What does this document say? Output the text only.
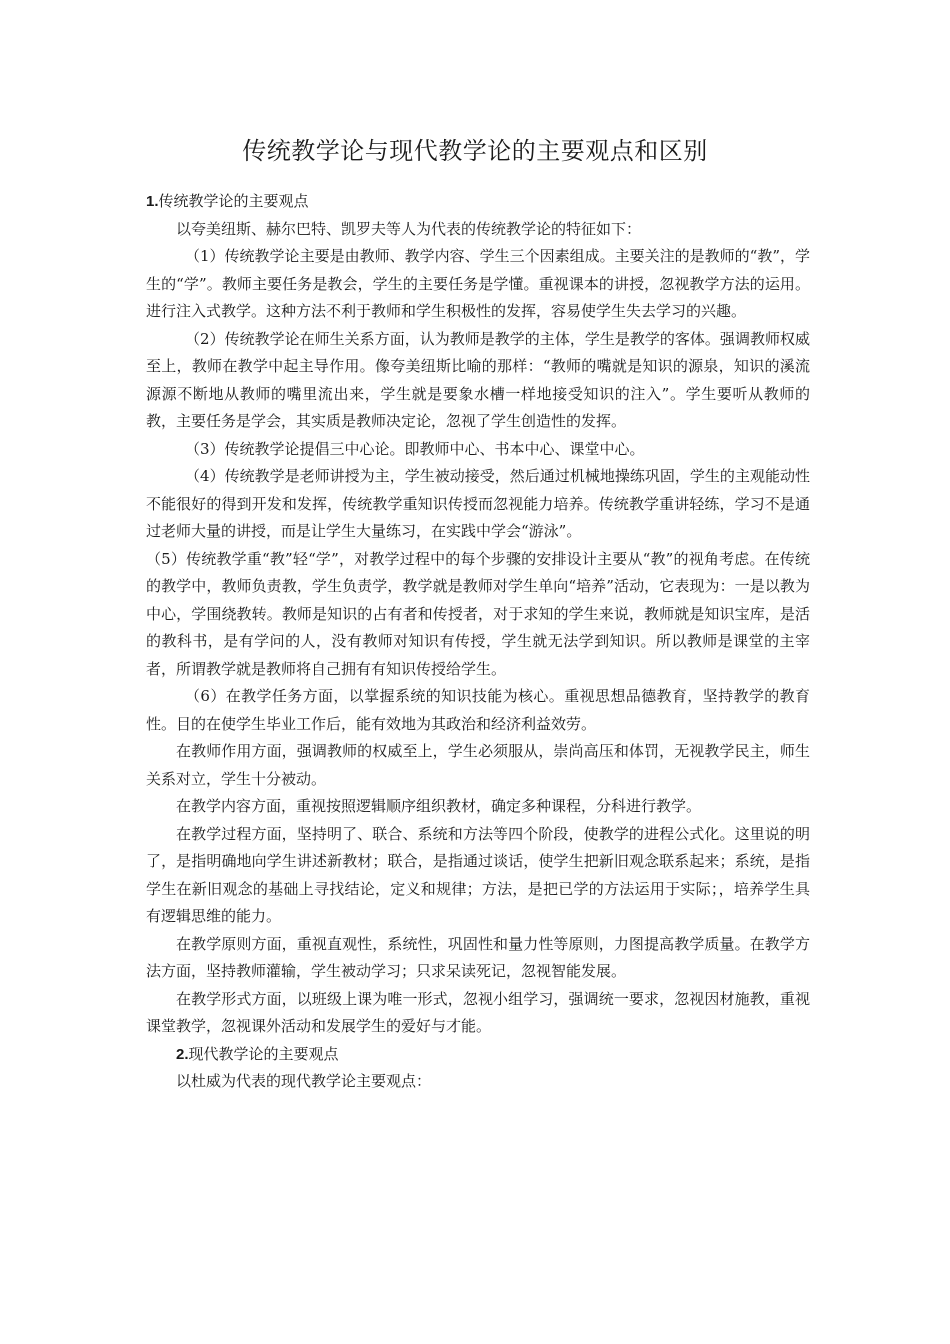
传统教学论与现代教学论的主要观点和区别

1.传统教学论的主要观点

以夸美纽斯、赫尔巴特、凯罗夫等人为代表的传统教学论的特征如下：

（1）传统教学论主要是由教师、教学内容、学生三个因素组成。主要关注的是教师的“教”，学生的“学”。教师主要任务是教会，学生的主要任务是学懂。重视课本的讲授，忽视教学方法的运用。进行注入式教学。这种方法不利于教师和学生积极性的发挥，容易使学生失去学习的兴趣。

（2）传统教学论在师生关系方面，认为教师是教学的主体，学生是教学的客体。强调教师权威至上，教师在教学中起主导作用。像夸美纽斯比喻的那样：“教师的嘴就是知识的源泉，知识的溪流源源不断地从教师的嘴里流出来，学生就是要象水槽一样地接受知识的注入”。学生要听从教师的教，主要任务是学会，其实质是教师决定论，忽视了学生创造性的发挥。

（3）传统教学论提倡三中心论。即教师中心、书本中心、课堂中心。

（4）传统教学是老师讲授为主，学生被动接受，然后通过机械地操练巩固，学生的主观能动性不能很好的得到开发和发挥，传统教学重知识传授而忽视能力培养。传统教学重讲轻练，学习不是通过老师大量的讲授，而是让学生大量练习，在实践中学会“游泳”。

（5）传统教学重“教”轻“学”，对教学过程中的每个步骤的安排设计主要从“教”的视角考虑。在传统的教学中，教师负责教，学生负责学，教学就是教师对学生单向“培养”活动，它表现为：一是以教为中心，学围绕教转。教师是知识的占有者和传授者，对于求知的学生来说，教师就是知识宝库，是活的教科书，是有学问的人，没有教师对知识有传授，学生就无法学到知识。所以教师是课堂的主宰者，所谓教学就是教师将自己拥有有知识传授给学生。

（6）在教学任务方面，以掌握系统的知识技能为核心。重视思想品德教育，坚持教学的教育性。目的在使学生毕业工作后，能有效地为其政治和经济利益效劳。

在教师作用方面，强调教师的权威至上，学生必须服从，崇尚高压和体罚，无视教学民主，师生关系对立，学生十分被动。

在教学内容方面，重视按照逻辑顺序组织教材，确定多种课程，分科进行教学。

在教学过程方面，坚持明了、联合、系统和方法等四个阶段，使教学的进程公式化。这里说的明了，是指明确地向学生讲述新教材；联合，是指通过谈话，使学生把新旧观念联系起来；系统，是指学生在新旧观念的基础上寻找结论，定义和规律；方法，是把已学的方法运用于实际；，培养学生具有逻辑思维的能力。

在教学原则方面，重视直观性，系统性，巩固性和量力性等原则，力图提高教学质量。在教学方法方面，坚持教师灌输，学生被动学习；只求呆读死记，忽视智能发展。

在教学形式方面，以班级上课为唯一形式，忽视小组学习，强调统一要求，忽视因材施教，重视课堂教学，忽视课外活动和发展学生的爱好与才能。

2.现代教学论的主要观点

以杜威为代表的现代教学论主要观点：
